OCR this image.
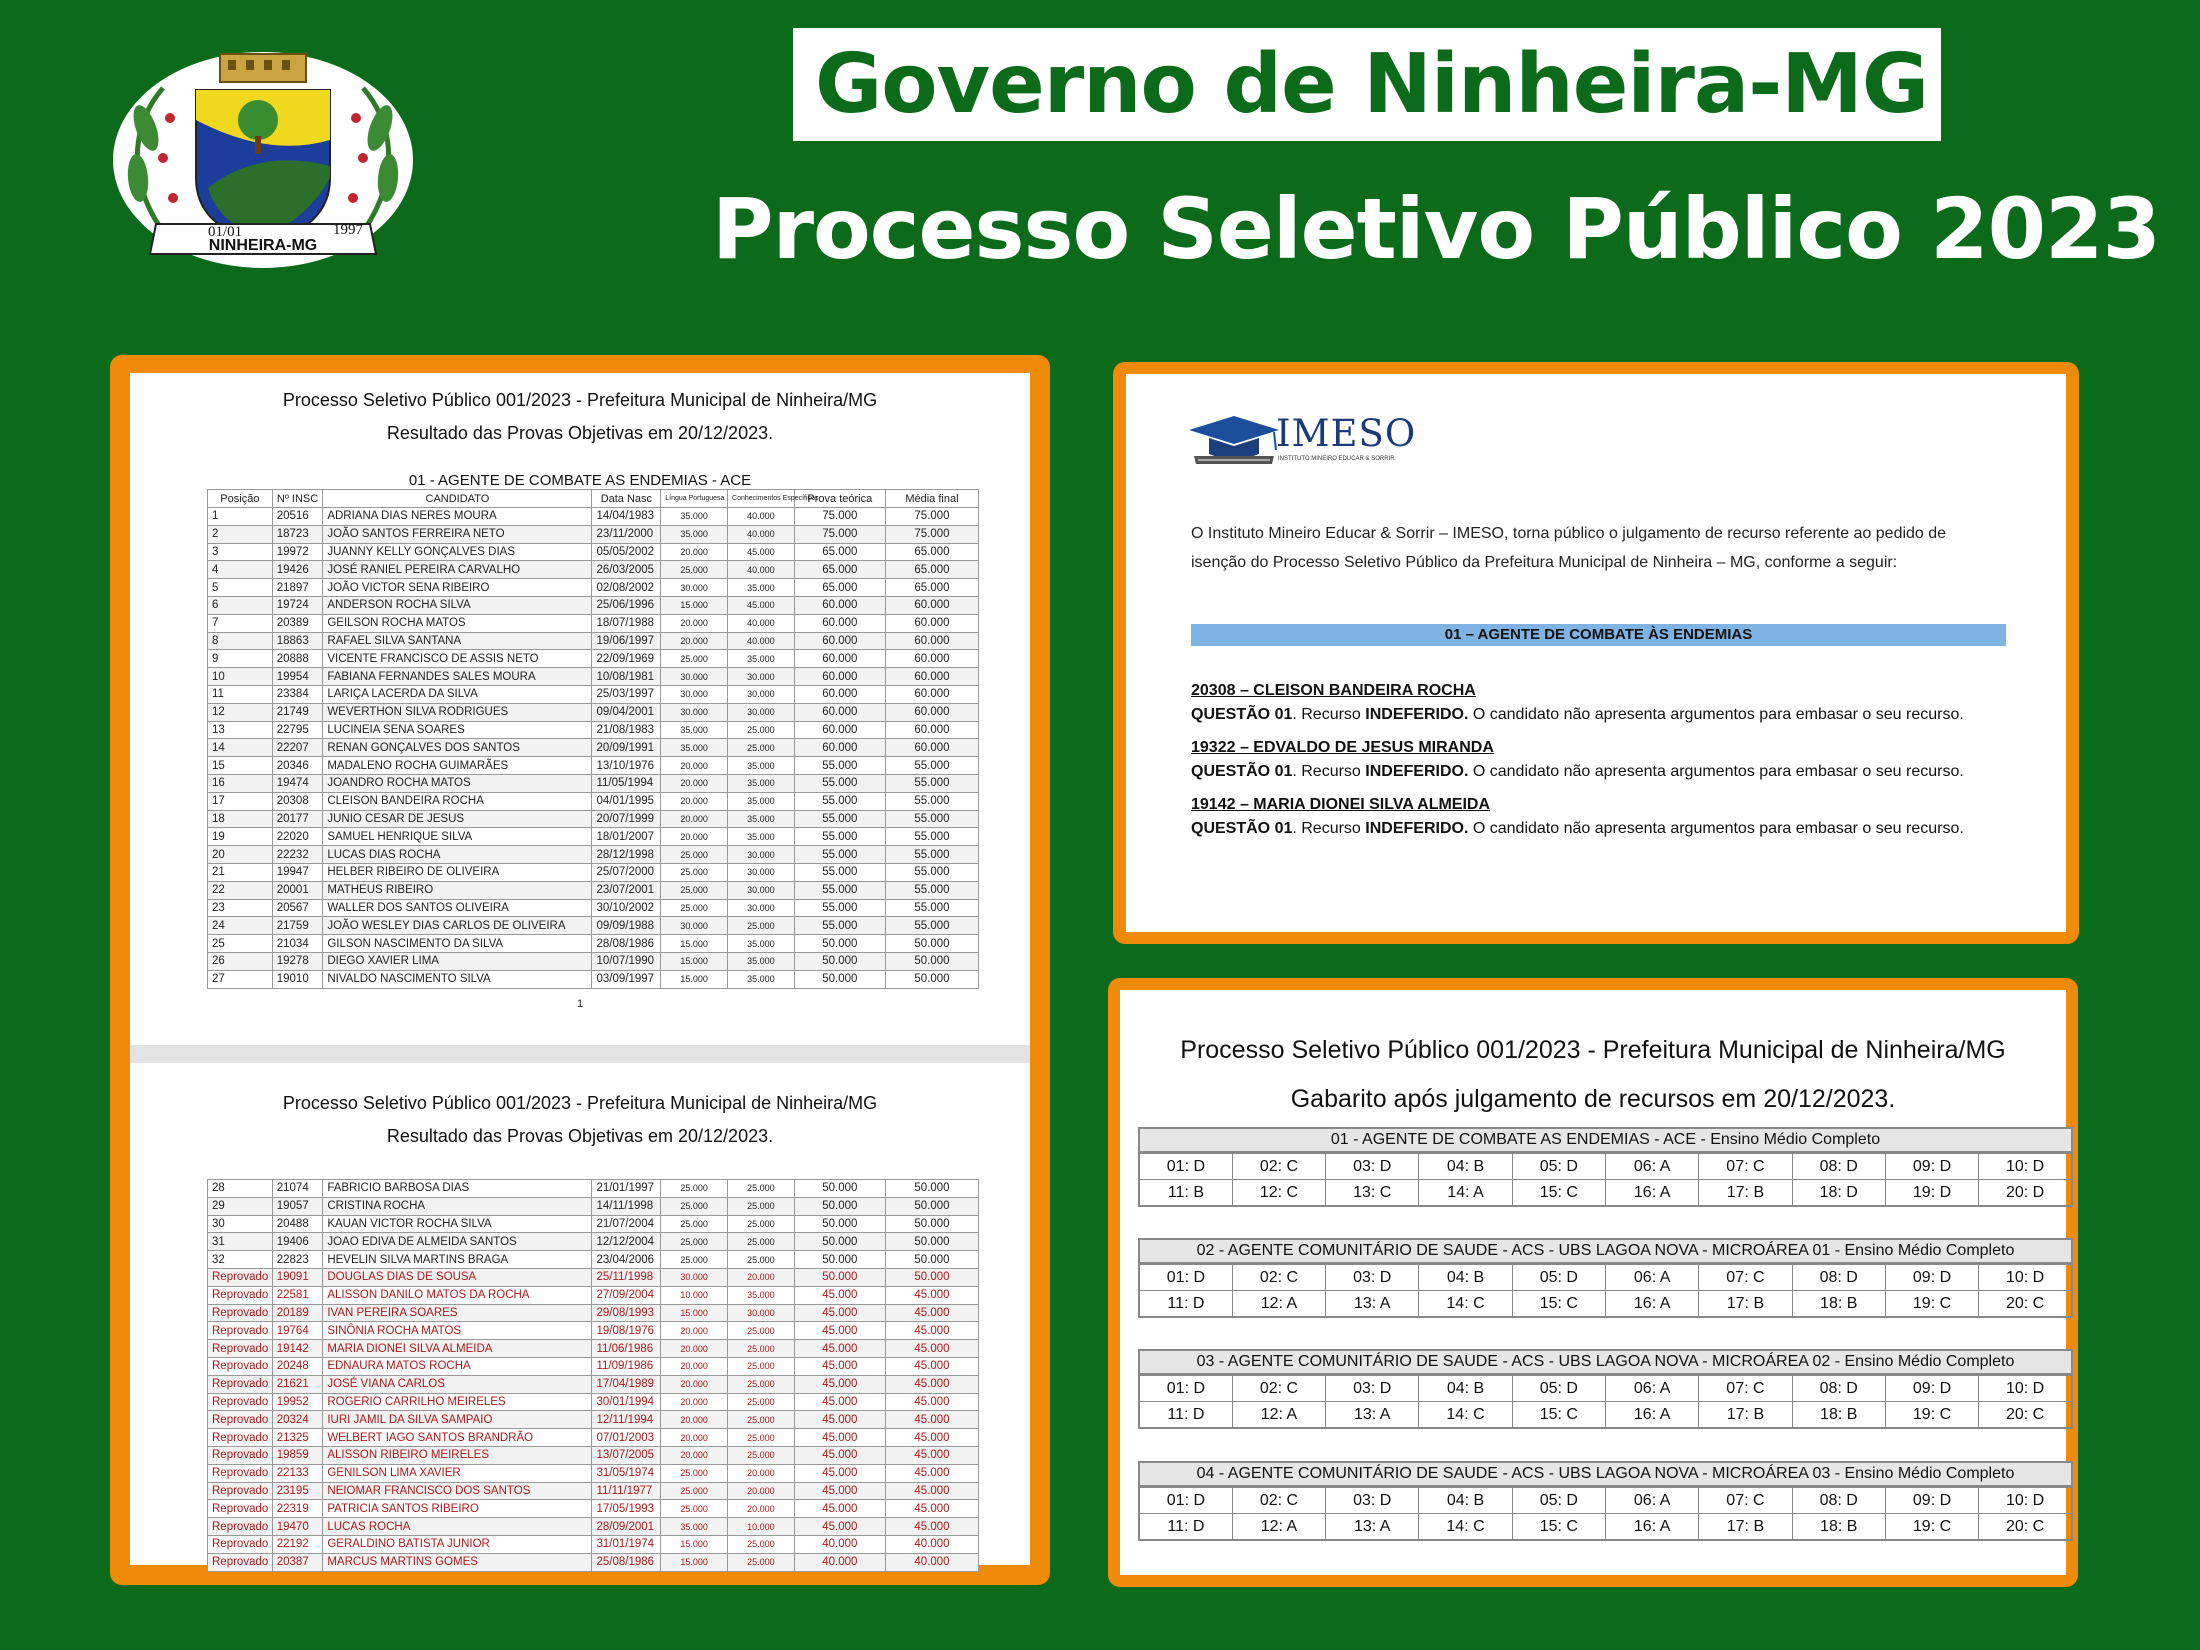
01/01	1997
NINHEIRA-MG
Governo de Ninheira-MG
Processo Seletivo Público 2023
Processo Seletivo Público 001/2023 - Prefeitura Municipal de Ninheira/MG
Resultado das Provas Objetivas em 20/12/2023.
01 - AGENTE DE COMBATE AS ENDEMIAS - ACE
Posição	Nº INSC	CANDIDATO	Data Nasc	Língua Portuguesa	Conhecimentos Específicos	Prova teórica	Média final
1	20516	ADRIANA DIAS NERES MOURA	14/04/1983	35.000	40.000	75.000	75.000
2	18723	JOÃO SANTOS FERREIRA NETO	23/11/2000	35.000	40.000	75.000	75.000
3	19972	JUANNY KELLY GONÇALVES DIAS	05/05/2002	20.000	45.000	65.000	65.000
4	19426	JOSÉ RANIEL PEREIRA CARVALHO	26/03/2005	25.000	40.000	65.000	65.000
5	21897	JOÃO VICTOR SENA RIBEIRO	02/08/2002	30.000	35.000	65.000	65.000
6	19724	ANDERSON ROCHA SILVA	25/06/1996	15.000	45.000	60.000	60.000
7	20389	GEILSON ROCHA MATOS	18/07/1988	20.000	40.000	60.000	60.000
8	18863	RAFAEL SILVA SANTANA	19/06/1997	20.000	40.000	60.000	60.000
9	20888	VICENTE FRANCISCO DE ASSIS NETO	22/09/1969	25.000	35.000	60.000	60.000
10	19954	FABIANA FERNANDES SALES MOURA	10/08/1981	30.000	30.000	60.000	60.000
11	23384	LARIÇA LACERDA DA SILVA	25/03/1997	30.000	30.000	60.000	60.000
12	21749	WEVERTHON SILVA RODRIGUES	09/04/2001	30.000	30.000	60.000	60.000
13	22795	LUCINEIA SENA SOARES	21/08/1983	35.000	25.000	60.000	60.000
14	22207	RENAN GONÇALVES DOS SANTOS	20/09/1991	35.000	25.000	60.000	60.000
15	20346	MADALENO ROCHA GUIMARÃES	13/10/1976	20.000	35.000	55.000	55.000
16	19474	JOANDRO ROCHA MATOS	11/05/1994	20.000	35.000	55.000	55.000
17	20308	CLEISON BANDEIRA ROCHA	04/01/1995	20.000	35.000	55.000	55.000
18	20177	JUNIO CESAR DE JESUS	20/07/1999	20.000	35.000	55.000	55.000
19	22020	SAMUEL HENRIQUE SILVA	18/01/2007	20.000	35.000	55.000	55.000
20	22232	LUCAS DIAS ROCHA	28/12/1998	25.000	30.000	55.000	55.000
21	19947	HELBER RIBEIRO DE OLIVEIRA	25/07/2000	25.000	30.000	55.000	55.000
22	20001	MATHEUS RIBEIRO	23/07/2001	25.000	30.000	55.000	55.000
23	20567	WALLER DOS SANTOS OLIVEIRA	30/10/2002	25.000	30.000	55.000	55.000
24	21759	JOÃO WESLEY DIAS CARLOS DE OLIVEIRA	09/09/1988	30.000	25.000	55.000	55.000
25	21034	GILSON NASCIMENTO DA SILVA	28/08/1986	15.000	35.000	50.000	50.000
26	19278	DIEGO XAVIER LIMA	10/07/1990	15.000	35.000	50.000	50.000
27	19010	NIVALDO NASCIMENTO SILVA	03/09/1997	15.000	35.000	50.000	50.000
1
Processo Seletivo Público 001/2023 - Prefeitura Municipal de Ninheira/MG
Resultado das Provas Objetivas em 20/12/2023.
28	21074	FABRICIO BARBOSA DIAS	21/01/1997	25.000	25.000	50.000	50.000
29	19057	CRISTINA ROCHA	14/11/1998	25.000	25.000	50.000	50.000
30	20488	KAUAN VICTOR ROCHA SILVA	21/07/2004	25.000	25.000	50.000	50.000
31	19406	JOAO EDIVA DE ALMEIDA SANTOS	12/12/2004	25.000	25.000	50.000	50.000
32	22823	HEVELIN SILVA MARTINS BRAGA	23/04/2006	25.000	25.000	50.000	50.000
Reprovado	19091	DOUGLAS DIAS DE SOUSA	25/11/1998	30.000	20.000	50.000	50.000
Reprovado	22581	ALISSON DANILO MATOS DA ROCHA	27/09/2004	10.000	35.000	45.000	45.000
Reprovado	20189	IVAN PEREIRA SOARES	29/08/1993	15.000	30.000	45.000	45.000
Reprovado	19764	SINÔNIA ROCHA MATOS	19/08/1976	20.000	25.000	45.000	45.000
Reprovado	19142	MARIA DIONEI SILVA ALMEIDA	11/06/1986	20.000	25.000	45.000	45.000
Reprovado	20248	EDNAURA MATOS ROCHA	11/09/1986	20.000	25.000	45.000	45.000
Reprovado	21621	JOSÉ VIANA CARLOS	17/04/1989	20.000	25.000	45.000	45.000
Reprovado	19952	ROGERIO CARRILHO MEIRELES	30/01/1994	20.000	25.000	45.000	45.000
Reprovado	20324	IURI JAMIL DA SILVA SAMPAIO	12/11/1994	20.000	25.000	45.000	45.000
Reprovado	21325	WELBERT IAGO SANTOS BRANDRÃO	07/01/2003	20.000	25.000	45.000	45.000
Reprovado	19859	ALISSON RIBEIRO MEIRELES	13/07/2005	20.000	25.000	45.000	45.000
Reprovado	22133	GENILSON LIMA XAVIER	31/05/1974	25.000	20.000	45.000	45.000
Reprovado	23195	NEIOMAR FRANCISCO DOS SANTOS	11/11/1977	25.000	20.000	45.000	45.000
Reprovado	22319	PATRICIA SANTOS RIBEIRO	17/05/1993	25.000	20.000	45.000	45.000
Reprovado	19470	LUCAS ROCHA	28/09/2001	35.000	10.000	45.000	45.000
Reprovado	22192	GERALDINO BATISTA JUNIOR	31/01/1974	15.000	25.000	40.000	40.000
Reprovado	20387	MARCUS MARTINS GOMES	25/08/1986	15.000	25.000	40.000	40.000
IMESO
INSTITUTO MINEIRO EDUCAR & SORRIR
O Instituto Mineiro Educar & Sorrir – IMESO, torna público o julgamento de recurso referente ao pedido de isenção do Processo Seletivo Público da Prefeitura Municipal de Ninheira – MG, conforme a seguir:
01 – AGENTE DE COMBATE ÀS ENDEMIAS
20308 – CLEISON BANDEIRA ROCHA
QUESTÃO 01. Recurso INDEFERIDO. O candidato não apresenta argumentos para embasar o seu recurso.
19322 – EDVALDO DE JESUS MIRANDA
QUESTÃO 01. Recurso INDEFERIDO. O candidato não apresenta argumentos para embasar o seu recurso.
19142 – MARIA DIONEI SILVA ALMEIDA
QUESTÃO 01. Recurso INDEFERIDO. O candidato não apresenta argumentos para embasar o seu recurso.
Processo Seletivo Público 001/2023 - Prefeitura Municipal de Ninheira/MG
Gabarito após julgamento de recursos em 20/12/2023.
01 - AGENTE DE COMBATE AS ENDEMIAS - ACE - Ensino Médio Completo
01: D	02: C	03: D	04: B	05: D	06: A	07: C	08: D	09: D	10: D
11: B	12: C	13: C	14: A	15: C	16: A	17: B	18: D	19: D	20: D
02 - AGENTE COMUNITÁRIO DE SAUDE - ACS - UBS LAGOA NOVA - MICROÁREA 01 - Ensino Médio Completo
01: D	02: C	03: D	04: B	05: D	06: A	07: C	08: D	09: D	10: D
11: D	12: A	13: A	14: C	15: C	16: A	17: B	18: B	19: C	20: C
03 - AGENTE COMUNITÁRIO DE SAUDE - ACS - UBS LAGOA NOVA - MICROÁREA 02 - Ensino Médio Completo
01: D	02: C	03: D	04: B	05: D	06: A	07: C	08: D	09: D	10: D
11: D	12: A	13: A	14: C	15: C	16: A	17: B	18: B	19: C	20: C
04 - AGENTE COMUNITÁRIO DE SAUDE - ACS - UBS LAGOA NOVA - MICROÁREA 03 - Ensino Médio Completo
01: D	02: C	03: D	04: B	05: D	06: A	07: C	08: D	09: D	10: D
11: D	12: A	13: A	14: C	15: C	16: A	17: B	18: B	19: C	20: C
